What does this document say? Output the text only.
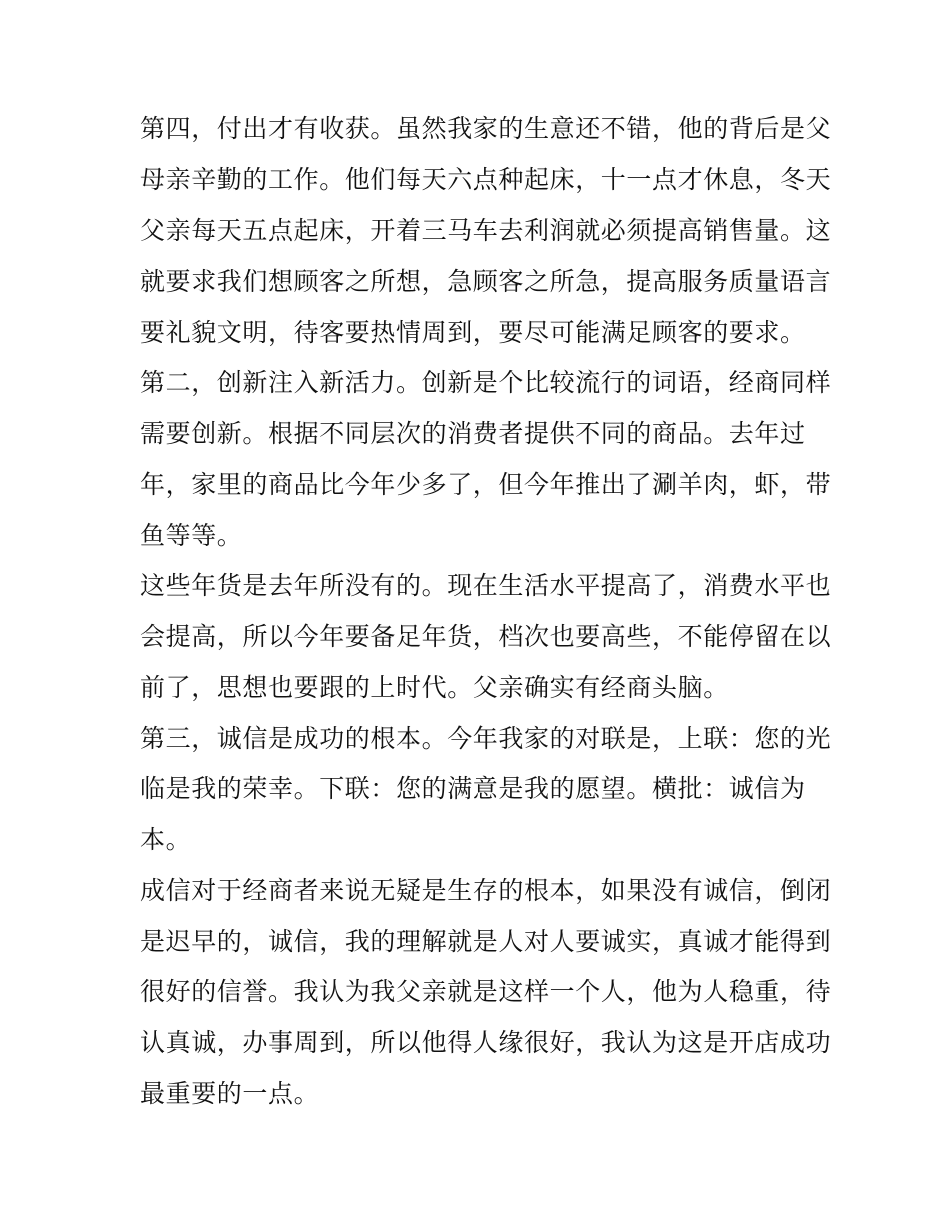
第四，付出才有收获。虽然我家的生意还不错，他的背后是父
母亲辛勤的工作。他们每天六点种起床，十一点才休息，冬天
父亲每天五点起床，开着三马车去利润就必须提高销售量。这
就要求我们想顾客之所想，急顾客之所急，提高服务质量语言
要礼貌文明，待客要热情周到，要尽可能满足顾客的要求。
第二，创新注入新活力。创新是个比较流行的词语，经商同样
需要创新。根据不同层次的消费者提供不同的商品。去年过
年，家里的商品比今年少多了，但今年推出了涮羊肉，虾，带
鱼等等。
这些年货是去年所没有的。现在生活水平提高了，消费水平也
会提高，所以今年要备足年货，档次也要高些，不能停留在以
前了，思想也要跟的上时代。父亲确实有经商头脑。
第三，诚信是成功的根本。今年我家的对联是，上联：您的光
临是我的荣幸。下联：您的满意是我的愿望。横批：诚信为
本。
成信对于经商者来说无疑是生存的根本，如果没有诚信，倒闭
是迟早的，诚信，我的理解就是人对人要诚实，真诚才能得到
很好的信誉。我认为我父亲就是这样一个人，他为人稳重，待
认真诚，办事周到，所以他得人缘很好，我认为这是开店成功
最重要的一点。
